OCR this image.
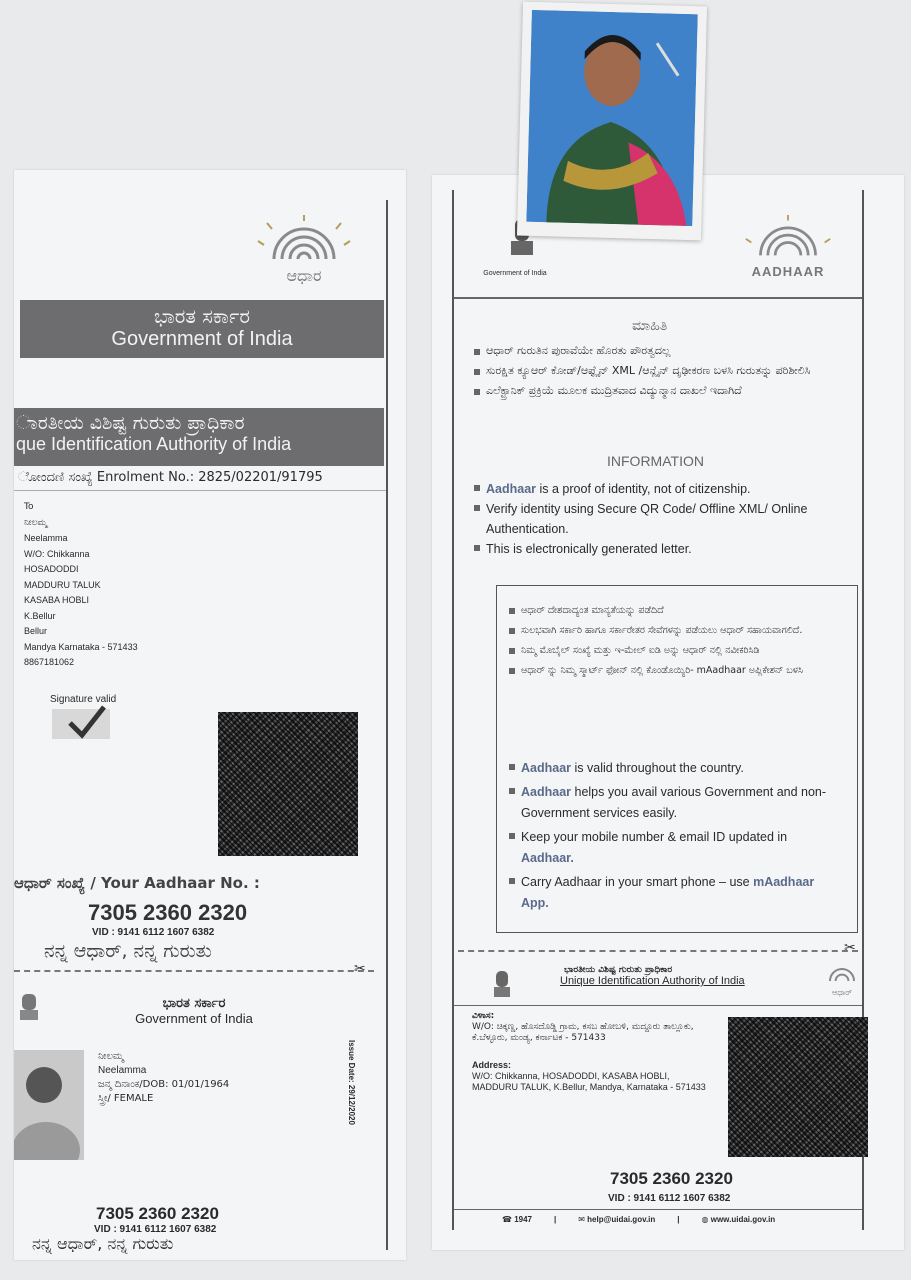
ಆಧಾರ
ಭಾರತ ಸರ್ಕಾರ
Government of India
ಾರತೀಯ ವಿಶಿಷ್ಟ ಗುರುತು ಪ್ರಾಧಿಕಾರ
que Identification Authority of India
ೋಂದಣಿ ಸಂಖ್ಯೆ Enrolment No.: 2825/02201/91795
To
ನೀಲಮ್ಮ
Neelamma
W/O: Chikkanna
HOSADODDI
MADDURU TALUK
KASABA HOBLI
K.Bellur
Bellur
Mandya Karnataka - 571433
8867181062
Signature valid
ಆಧಾರ್ ಸಂಖ್ಯೆ / Your Aadhaar No. :
7305 2360 2320
VID : 9141 6112 1607 6382
ನನ್ನ ಆಧಾರ್, ನನ್ನ ಗುರುತು
✂
ಭಾರತ ಸರ್ಕಾರ
Government of India
ನೀಲಮ್ಮ
Neelamma
ಜನ್ಮ ದಿನಾಂಕ/DOB: 01/01/1964
ಸ್ತ್ರೀ/ FEMALE	Issue Date: 29/12/2020
7305 2360 2320
VID : 9141 6112 1607 6382
ನನ್ನ ಆಧಾರ್, ನನ್ನ ಗುರುತು
Government of India	AADHAAR
ಮಾಹಿತಿ
ಆಧಾರ್ ಗುರುತಿನ ಪುರಾವೆಯೇ ಹೊರತು ಪೌರತ್ವದಲ್ಲ
ಸುರಕ್ಷಿತ ಕ್ಯೂಆರ್ ಕೋಡ್/ಆಫ್ಲೈನ್ XML /ಆನ್ಲೈನ್ ದೃಢೀಕರಣ ಬಳಸಿ ಗುರುತನ್ನು ಪರಿಶೀಲಿಸಿ
ಎಲೆಕ್ಟ್ರಾನಿಕ್ ಪ್ರಕ್ರಿಯೆ ಮೂಲಕ ಮುದ್ರಿತವಾದ ವಿದ್ಯುನ್ಮಾನ ದಾಖಲೆ ಇದಾಗಿದೆ
INFORMATION
Aadhaar is a proof of identity, not of citizenship.
Verify identity using Secure QR Code/ Offline XML/ Online Authentication.
This is electronically generated letter.
ಆಧಾರ್ ದೇಶದಾದ್ಯಂತ ಮಾನ್ಯತೆಯನ್ನು ಪಡೆದಿದೆ
ಸುಲಭವಾಗಿ ಸರ್ಕಾರಿ ಹಾಗೂ ಸರ್ಕಾರೇತರ ಸೇವೆಗಳನ್ನು ಪಡೆಯಲು ಆಧಾರ್ ಸಹಾಯವಾಗಲಿದೆ.
ನಿಮ್ಮ ಮೊಬೈಲ್ ಸಂಖ್ಯೆ ಮತ್ತು ಇ-ಮೇಲ್ ಐಡಿ ಅನ್ನು ಆಧಾರ್ ನಲ್ಲಿ ನವೀಕರಿಸಿಡಿ
ಆಧಾರ್ ನ್ನು ನಿಮ್ಮ ಸ್ಮಾರ್ಟ್ ಫೋನ್ ನಲ್ಲಿ ಕೊಂಡೊಯ್ಯಿರಿ- mAadhaar ಅಪ್ಲಿಕೇಶನ್ ಬಳಸಿ
Aadhaar is valid throughout the country.
Aadhaar helps you avail various Government and non-Government services easily.
Keep your mobile number & email ID updated in Aadhaar.
Carry Aadhaar in your smart phone – use mAadhaar App.
✂
ಭಾರತೀಯ ವಿಶಿಷ್ಟ ಗುರುತು ಪ್ರಾಧಿಕಾರ
Unique Identification Authority of India
ಆಧಾರ್
ವಿಳಾಸ:
W/O: ಚಿಕ್ಕಣ್ಣ, ಹೊಸದೊಡ್ಡಿ ಗ್ರಾಮ, ಕಸಬ ಹೋಬಳಿ, ಮದ್ದೂರು ತಾಲ್ಲೂಕು, ಕೆ.ಬೆಳ್ಳೂರು, ಮಂಡ್ಯ, ಕರ್ನಾಟಕ - 571433
Address:
W/O: Chikkanna, HOSADODDI, KASABA HOBLI, MADDURU TALUK, K.Bellur, Mandya, Karnataka - 571433
7305 2360 2320
VID : 9141 6112 1607 6382
☎ 1947	|	✉ help@uidai.gov.in	|	◍ www.uidai.gov.in
